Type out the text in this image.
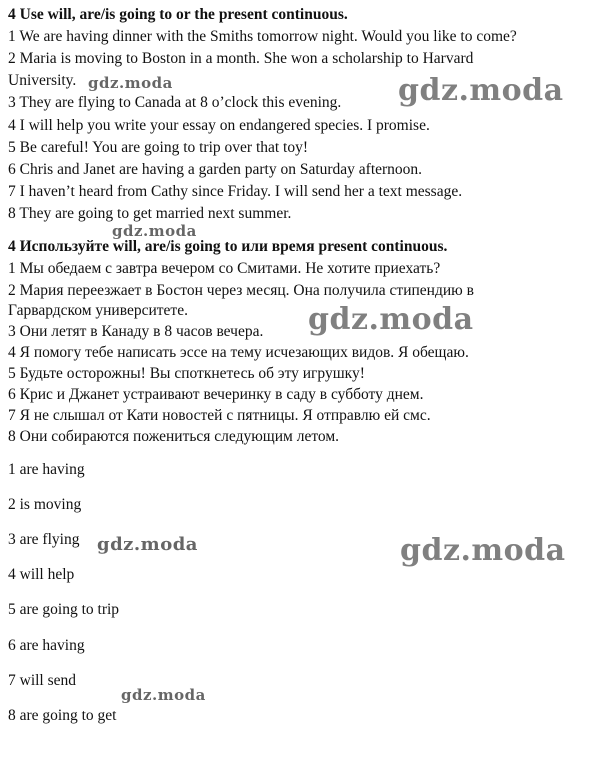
4 Use will, are/is going to or the present continuous.
1 We are having dinner with the Smiths tomorrow night. Would you like to come?
2 Maria is moving to Boston in a month. She won a scholarship to Harvard
University. gdz.moda
3 They are flying to Canada at 8 o’clock this evening. gdz.moda
4 I will help you write your essay on endangered species. I promise.
5 Be careful! You are going to trip over that toy!
6 Chris and Janet are having a garden party on Saturday afternoon.
7 I haven’t heard from Cathy since Friday. I will send her a text message.
8 They are going to get married next summer.
gdz.moda
4 Используйте will, are/is going to или время present continuous.
1 Мы обедаем с завтра вечером со Смитами. Не хотите приехать?
2 Мария переезжает в Бостон через месяц. Она получила стипендию в
Гарвардском университете.
3 Они летят в Канаду в 8 часов вечера. gdz.moda
4 Я помогу тебе написать эссе на тему исчезающих видов. Я обещаю.
5 Будьте осторожны! Вы споткнетесь об эту игрушку!
6 Крис и Джанет устраивают вечеринку в саду в субботу днем.
7 Я не слышал от Кати новостей с пятницы. Я отправлю ей смс.
8 Они собираются пожениться следующим летом.
1 are having
2 is moving
3 are flying gdz.moda	gdz.moda
4 will help
5 are going to trip
6 are having
7 will send
gdz.moda
8 are going to get
